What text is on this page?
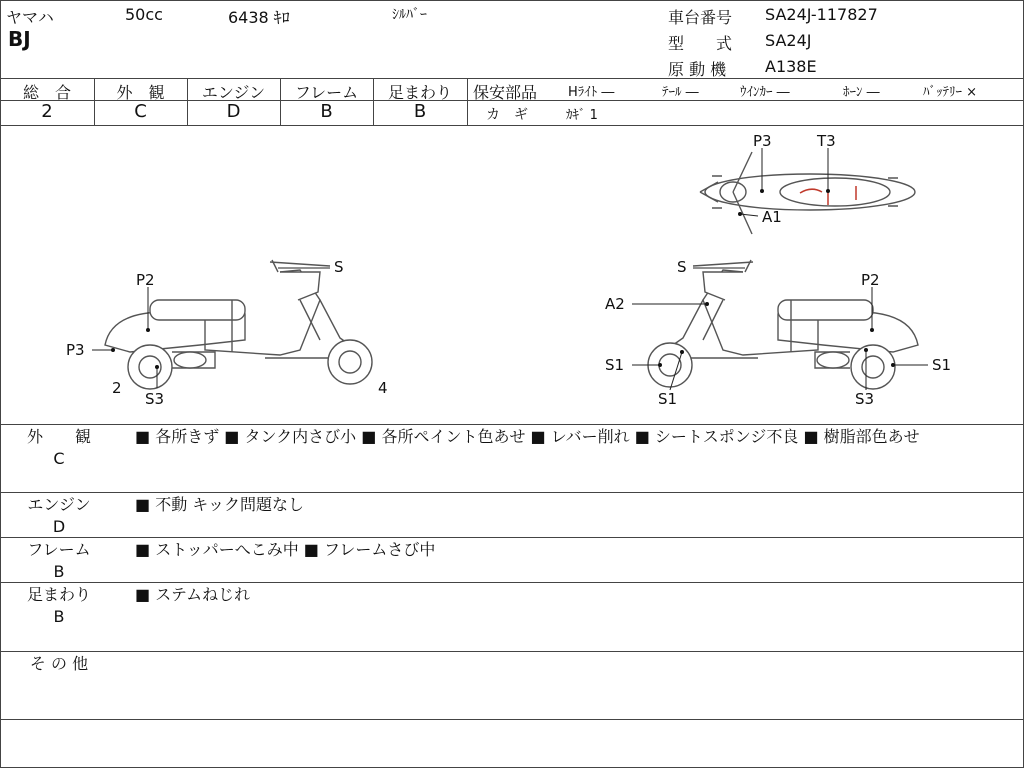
ヤマハ	50cc	6438 ｷﾛ	ｼﾙﾊﾞｰ
BJ
車台番号 SA24J-117827
型　　式 SA24J
原 動 機 A138E
総　合	外　観	エンジン	フレーム	足まわり
2	C	D	B	B
保安部品 Hﾗｲﾄ ―	ﾃｰﾙ ―	ｳｲﾝｶｰ ―	ﾎｰﾝ ―	ﾊﾞｯﾃﾘｰ ×
カ　ギ	ｶｷﾞ 1
P3	T3
A1
S
P2
P3
2
S3
4
S
A2
P2
S1
S1
S1
S3
外　　観
C
■ 各所きず ■ タンク内さび小 ■ 各所ペイント色あせ ■ レバー削れ ■ シートスポンジ不良 ■ 樹脂部色あせ
エンジン
D
■ 不動 キック問題なし
フレーム
B
■ ストッパーへこみ中 ■ フレームさび中
足まわり
B
■ ステムねじれ
そ の 他
